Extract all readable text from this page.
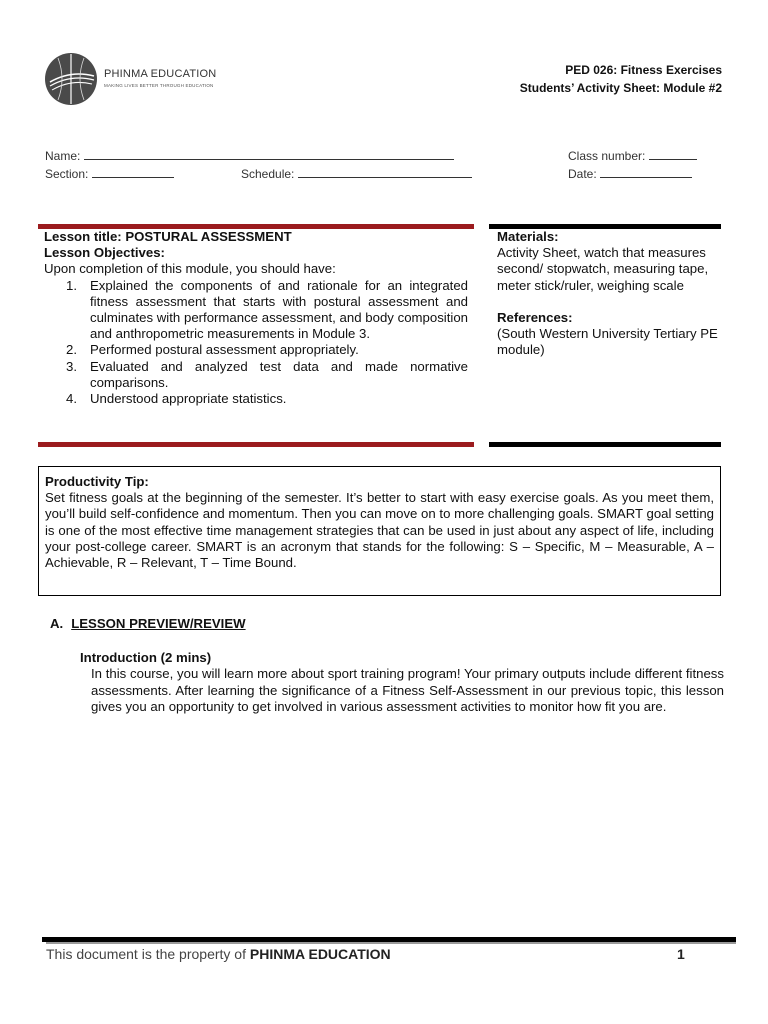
PHINMA EDUCATION
MAKING LIVES BETTER THROUGH EDUCATION
PED 026: Fitness Exercises
Students’ Activity Sheet: Module #2
Name:
Section:	Schedule:
Class number:
Date:
Lesson title: POSTURAL ASSESSMENT
Lesson Objectives:
Upon completion of this module, you should have:
1. Explained the components of and rationale for an integrated fitness assessment that starts with postural assessment and culminates with performance assessment, and body composition and anthropometric measurements in Module 3.
2. Performed postural assessment appropriately.
3. Evaluated and analyzed test data and made normative comparisons.
4. Understood appropriate statistics.
Materials:
Activity Sheet, watch that measures second/ stopwatch, measuring tape, meter stick/ruler, weighing scale
References:
(South Western University Tertiary PE module)
Productivity Tip:
Set fitness goals at the beginning of the semester. It’s better to start with easy exercise goals. As you meet them, you’ll build self-confidence and momentum. Then you can move on to more challenging goals. SMART goal setting is one of the most effective time management strategies that can be used in just about any aspect of life, including your post-college career. SMART is an acronym that stands for the following: S – Specific, M – Measurable, A – Achievable, R – Relevant, T – Time Bound.
A. LESSON PREVIEW/REVIEW
Introduction (2 mins)
In this course, you will learn more about sport training program! Your primary outputs include different fitness assessments. After learning the significance of a Fitness Self-Assessment in our previous topic, this lesson gives you an opportunity to get involved in various assessment activities to monitor how fit you are.
This document is the property of PHINMA EDUCATION	1
